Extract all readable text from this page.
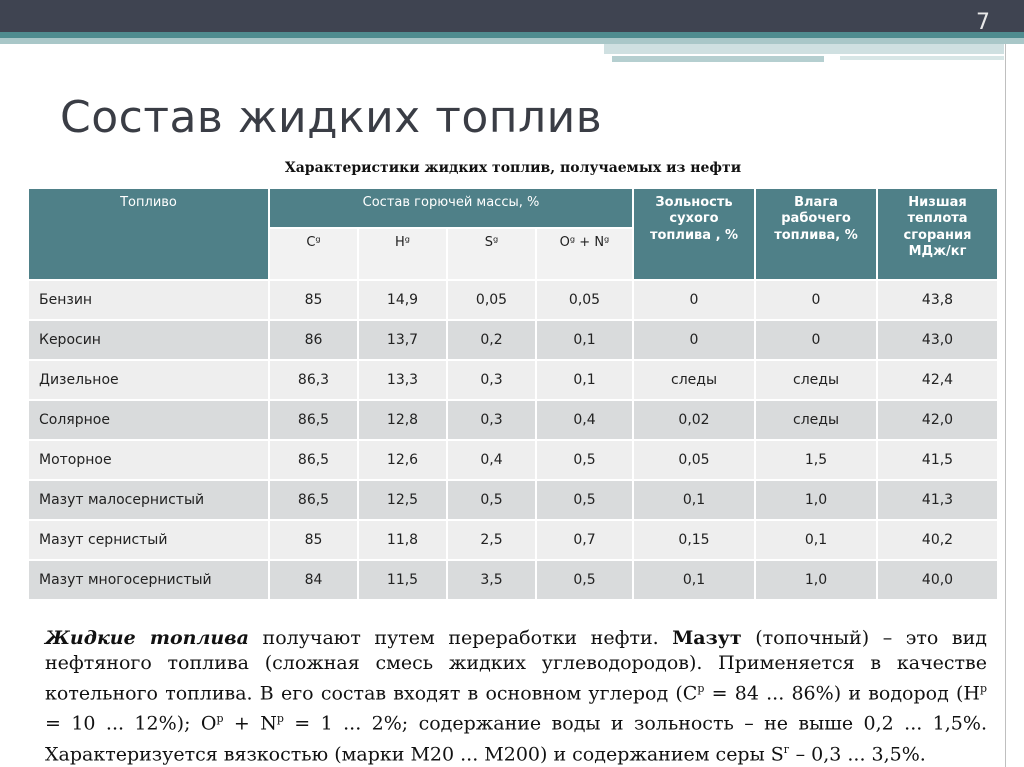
7
Состав жидких топлив
Характеристики жидких топлив, получаемых из нефти
Топливо	Состав горючей массы, %				Зольность сухого топлива , %	Влага рабочего топлива, %	Низшая теплота сгорания МДж/кг
	Cᵍ	Hᵍ	Sᵍ	Oᵍ + Nᵍ			
Бензин	85	14,9	0,05	0,05	0	0	43,8
Керосин	86	13,7	0,2	0,1	0	0	43,0
Дизельное	86,3	13,3	0,3	0,1	следы	следы	42,4
Солярное	86,5	12,8	0,3	0,4	0,02	следы	42,0
Моторное	86,5	12,6	0,4	0,5	0,05	1,5	41,5
Мазут малосернистый	86,5	12,5	0,5	0,5	0,1	1,0	41,3
Мазут сернистый	85	11,8	2,5	0,7	0,15	0,1	40,2
Мазут многосернистый	84	11,5	3,5	0,5	0,1	1,0	40,0
Жидкие топлива получают путем переработки нефти. Мазут (топочный) – это вид нефтяного топлива (сложная смесь жидких углеводородов). Применяется в качестве котельного топлива. В его состав входят в основном углерод ($C^р = 84$ ... 86%) и водород ($H^р = 10$ ... 12%); $O^р + N^р = 1$ ... 2%; содержание воды и зольность – не выше 0,2 ... 1,5%. Характеризуется вязкостью (марки М20 ... М200) и содержанием серы $S^г - 0,3$ ... 3,5%.
